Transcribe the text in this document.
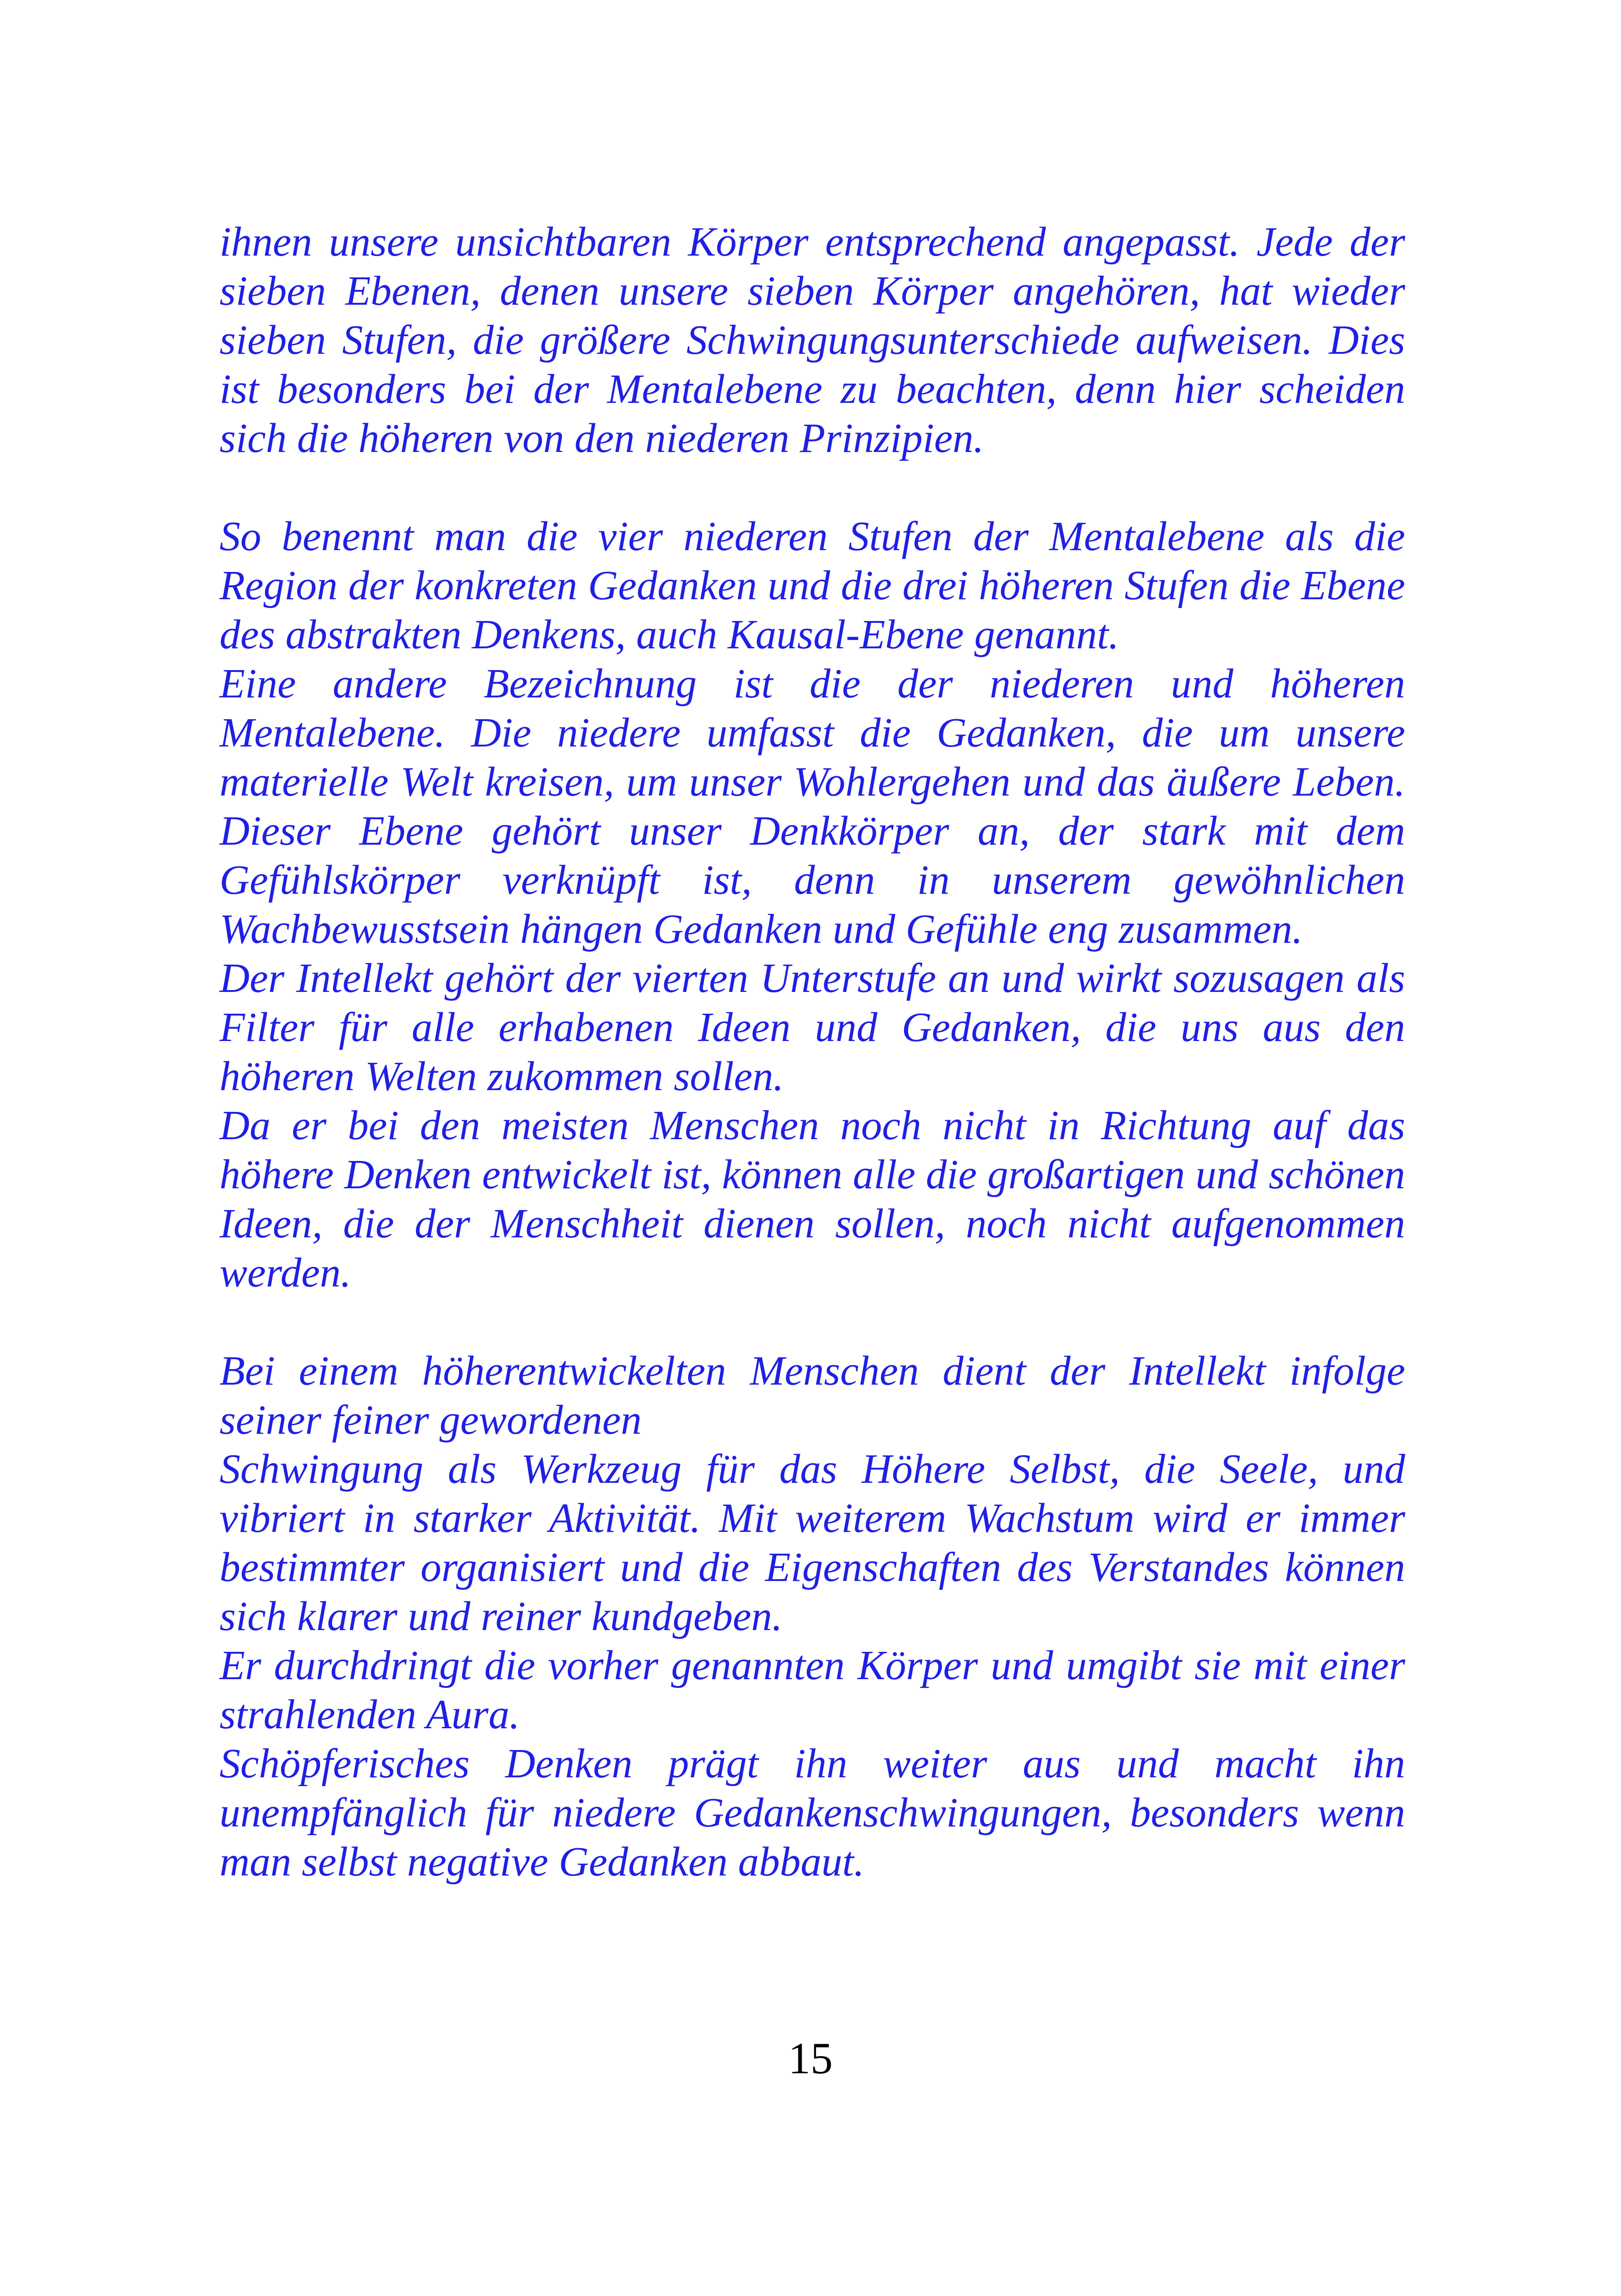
ihnen unsere unsichtbaren Körper entsprechend angepasst. Jede der sieben Ebenen, denen unsere sieben Körper angehören, hat wieder sieben Stufen, die größere Schwingungsunterschiede aufweisen. Dies ist besonders bei der Mentalebene zu beachten, denn hier scheiden sich die höheren von den niederen Prinzipien.

So benennt man die vier niederen Stufen der Mentalebene als die Region der konkreten Gedanken und die drei höheren Stufen die Ebene des abstrakten Denkens, auch Kausal-Ebene genannt.

Eine andere Bezeichnung ist die der niederen und höheren Mentalebene. Die niedere umfasst die Gedanken, die um unsere materielle Welt kreisen, um unser Wohlergehen und das äußere Leben. Dieser Ebene gehört unser Denkkörper an, der stark mit dem Gefühlskörper verknüpft ist, denn in unserem gewöhnlichen Wachbewusstsein hängen Gedanken und Gefühle eng zusammen.

Der Intellekt gehört der vierten Unterstufe an und wirkt sozusagen als Filter für alle erhabenen Ideen und Gedanken, die uns aus den höheren Welten zukommen sollen.

Da er bei den meisten Menschen noch nicht in Richtung auf das höhere Denken entwickelt ist, können alle die großartigen und schönen Ideen, die der Menschheit dienen sollen, noch nicht aufgenommen werden.

Bei einem höherentwickelten Menschen dient der Intellekt infolge seiner feiner gewordenen

Schwingung als Werkzeug für das Höhere Selbst, die Seele, und vibriert in starker Aktivität. Mit weiterem Wachstum wird er immer bestimmter organisiert und die Eigenschaften des Verstandes können sich klarer und reiner kundgeben.

Er durchdringt die vorher genannten Körper und umgibt sie mit einer strahlenden Aura.

Schöpferisches Denken prägt ihn weiter aus und macht ihn unempfänglich für niedere Gedankenschwingungen, besonders wenn man selbst negative Gedanken abbaut.

15
